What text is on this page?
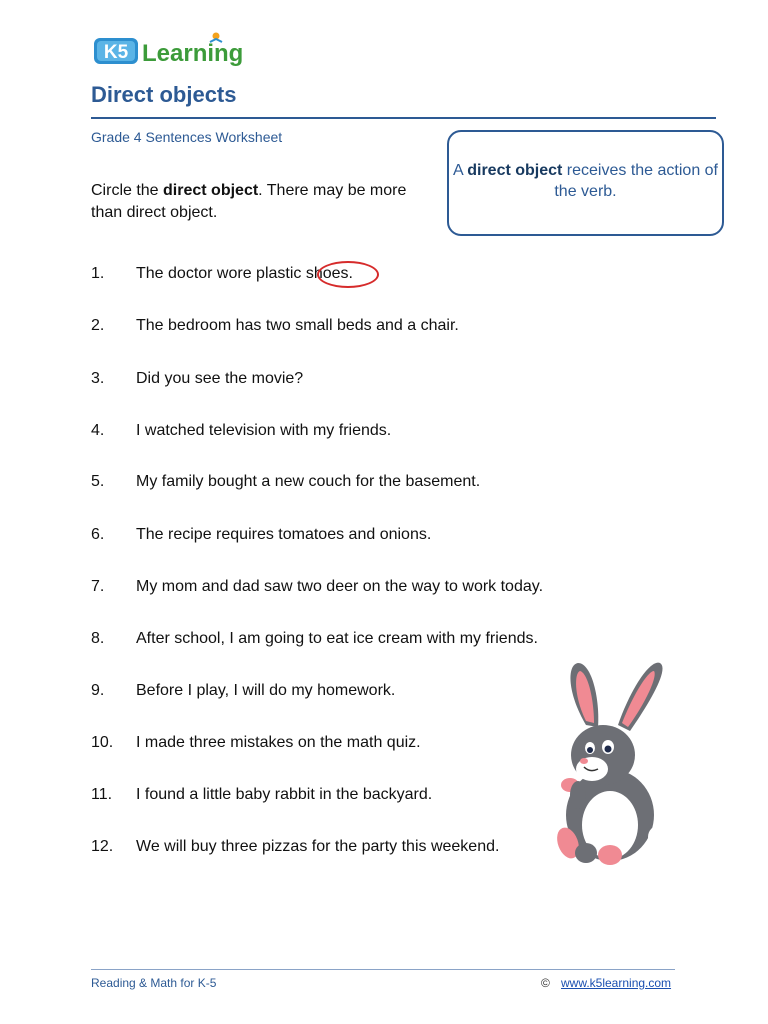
K5 Learning
Direct objects
Grade 4 Sentences Worksheet
Circle the direct object. There may be more than direct object.
A direct object receives the action of the verb.
1. The doctor wore plastic shoes.
2. The bedroom has two small beds and a chair.
3. Did you see the movie?
4. I watched television with my friends.
5. My family bought a new couch for the basement.
6. The recipe requires tomatoes and onions.
7. My mom and dad saw two deer on the way to work today.
8. After school, I am going to eat ice cream with my friends.
9. Before I play, I will do my homework.
10. I made three mistakes on the math quiz.
11. I found a little baby rabbit in the backyard.
12. We will buy three pizzas for the party this weekend.
Reading & Math for K-5	© www.k5learning.com
